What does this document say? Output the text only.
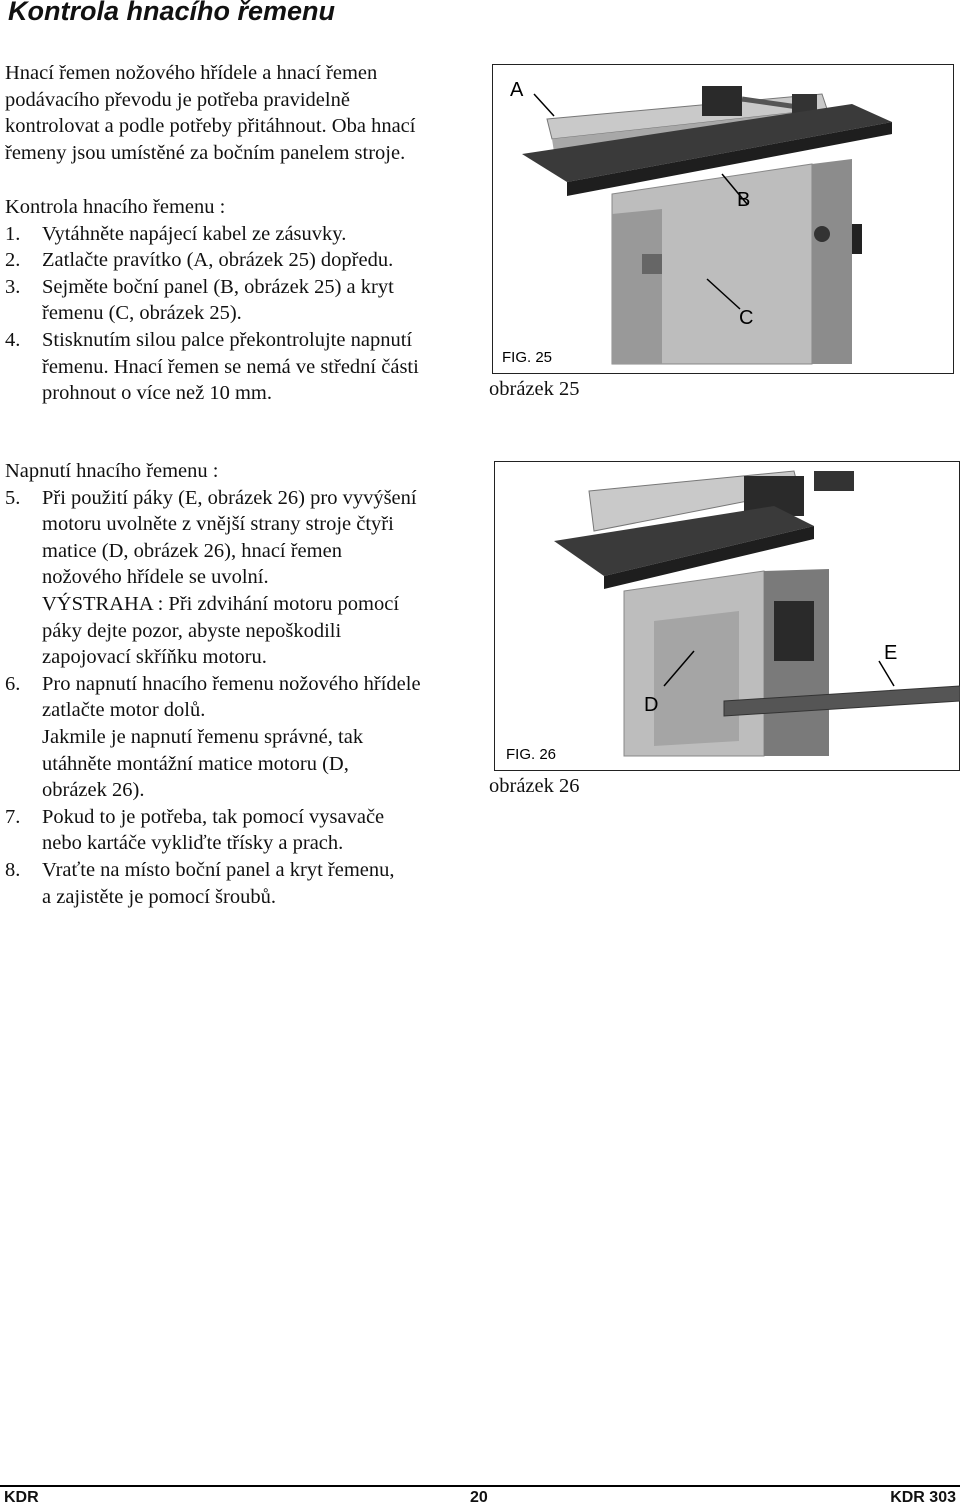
Kontrola hnacího řemenu
Hnací řemen nožového hřídele a hnací řemen
podávacího převodu je potřeba pravidelně
kontrolovat a podle potřeby přitáhnout. Oba hnací
řemeny jsou umístěné za bočním panelem stroje.
Kontrola hnacího řemenu :
1.	Vytáhněte napájecí kabel ze zásuvky.
2.	Zatlačte pravítko (A, obrázek 25) dopředu.
3.	Sejměte boční panel (B, obrázek 25) a kryt
řemenu (C, obrázek 25).
4.	Stisknutím silou palce překontrolujte napnutí
řemenu. Hnací řemen se nemá ve střední části
prohnout o více než 10 mm.
Napnutí hnacího řemenu :
5.	Při použití páky (E, obrázek 26) pro vyvýšení
motoru uvolněte z vnější strany stroje čtyři
matice (D, obrázek 26), hnací řemen
nožového hřídele se uvolní.
VÝSTRAHA : Při zdvihání motoru pomocí
páky dejte pozor, abyste nepoškodili
zapojovací skříňku motoru.
6.	Pro napnutí hnacího řemenu nožového hřídele
zatlačte motor dolů.
Jakmile je napnutí řemenu správné, tak
utáhněte montážní matice motoru (D,
obrázek 26).
7.	Pokud to je potřeba, tak pomocí vysavače
nebo kartáče vykliďte třísky a prach.
8.	Vraťte na místo boční panel a kryt řemenu,
a zajistěte je pomocí šroubů.
A
B
C
FIG. 25
obrázek 25
D
E
FIG. 26
obrázek 26
KDR	20	KDR 303
